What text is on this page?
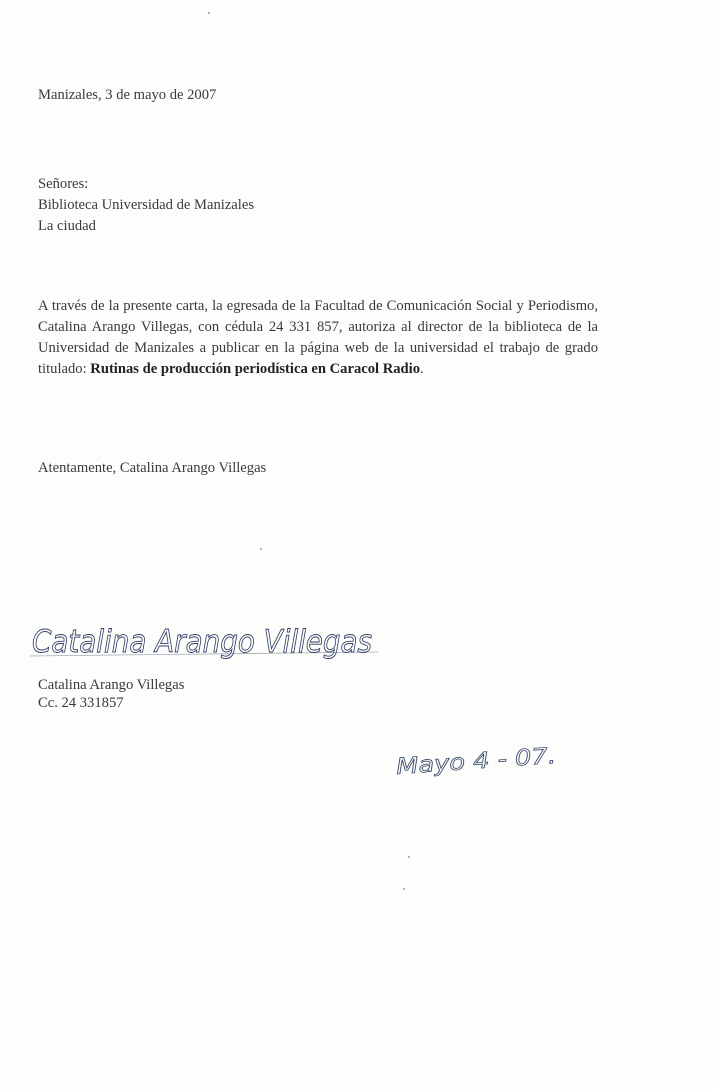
Manizales, 3 de mayo de 2007
Señores:
Biblioteca Universidad de Manizales
La ciudad
A través de la presente carta, la egresada de la Facultad de Comunicación Social y Periodismo, Catalina Arango Villegas, con cédula 24 331 857, autoriza al director de la biblioteca de la Universidad de Manizales a publicar en la página web de la universidad el trabajo de grado titulado: Rutinas de producción periodística en Caracol Radio.
Atentamente, Catalina Arango Villegas
Catalina Arango Villegas
Catalina Arango Villegas
Cc. 24 331857
Mayo 4 - 07.
